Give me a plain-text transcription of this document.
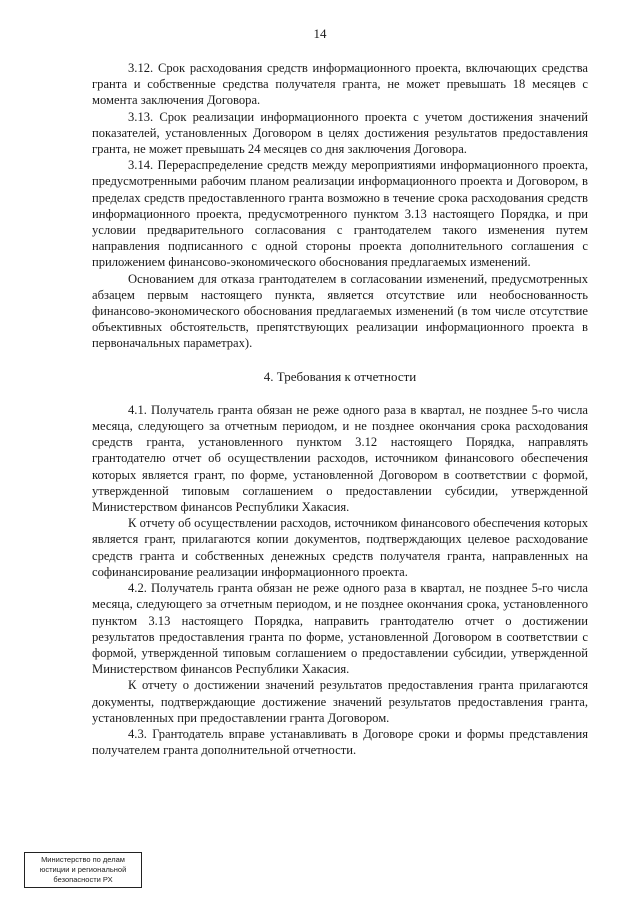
14

3.12. Срок расходования средств информационного проекта, включающих средства гранта и собственные средства получателя гранта, не может превышать 18 месяцев с момента заключения Договора.

3.13. Срок реализации информационного проекта с учетом достижения значений показателей, установленных Договором в целях достижения результатов предоставления гранта, не может превышать 24 месяцев со дня заключения Договора.

3.14. Перераспределение средств между мероприятиями информационного проекта, предусмотренными рабочим планом реализации информационного проекта и Договором, в пределах средств предоставленного гранта возможно в течение срока расходования средств информационного проекта, предусмотренного пунктом 3.13 настоящего Порядка, и при условии предварительного согласования с грантодателем такого изменения путем направления подписанного с одной стороны проекта дополнительного соглашения с приложением финансово-экономического обоснования предлагаемых изменений.

Основанием для отказа грантодателем в согласовании изменений, предусмотренных абзацем первым настоящего пункта, является отсутствие или необоснованность финансово-экономического обоснования предлагаемых изменений (в том числе отсутствие объективных обстоятельств, препятствующих реализации информационного проекта в первоначальных параметрах).

4. Требования к отчетности

4.1. Получатель гранта обязан не реже одного раза в квартал, не позднее 5-го числа месяца, следующего за отчетным периодом, и не позднее окончания срока расходования средств гранта, установленного пунктом 3.12 настоящего Порядка, направлять грантодателю отчет об осуществлении расходов, источником финансового обеспечения которых является грант, по форме, установленной Договором в соответствии с формой, утвержденной типовым соглашением о предоставлении субсидии, утвержденной Министерством финансов Республики Хакасия.

К отчету об осуществлении расходов, источником финансового обеспечения которых является грант, прилагаются копии документов, подтверждающих целевое расходование средств гранта и собственных денежных средств получателя гранта, направленных на софинансирование реализации информационного проекта.

4.2. Получатель гранта обязан не реже одного раза в квартал, не позднее 5-го числа месяца, следующего за отчетным периодом, и не позднее окончания срока, установленного пунктом 3.13 настоящего Порядка, направить грантодателю отчет о достижении результатов предоставления гранта по форме, установленной Договором в соответствии с формой, утвержденной типовым соглашением о предоставлении субсидии, утвержденной Министерством финансов Республики Хакасия.

К отчету о достижении значений результатов предоставления гранта прилагаются документы, подтверждающие достижение значений результатов предоставления гранта, установленных при предоставлении гранта Договором.

4.3. Грантодатель вправе устанавливать в Договоре сроки и формы представления получателем гранта дополнительной отчетности.

Министерство по делам
юстиции и региональной
безопасности РХ
